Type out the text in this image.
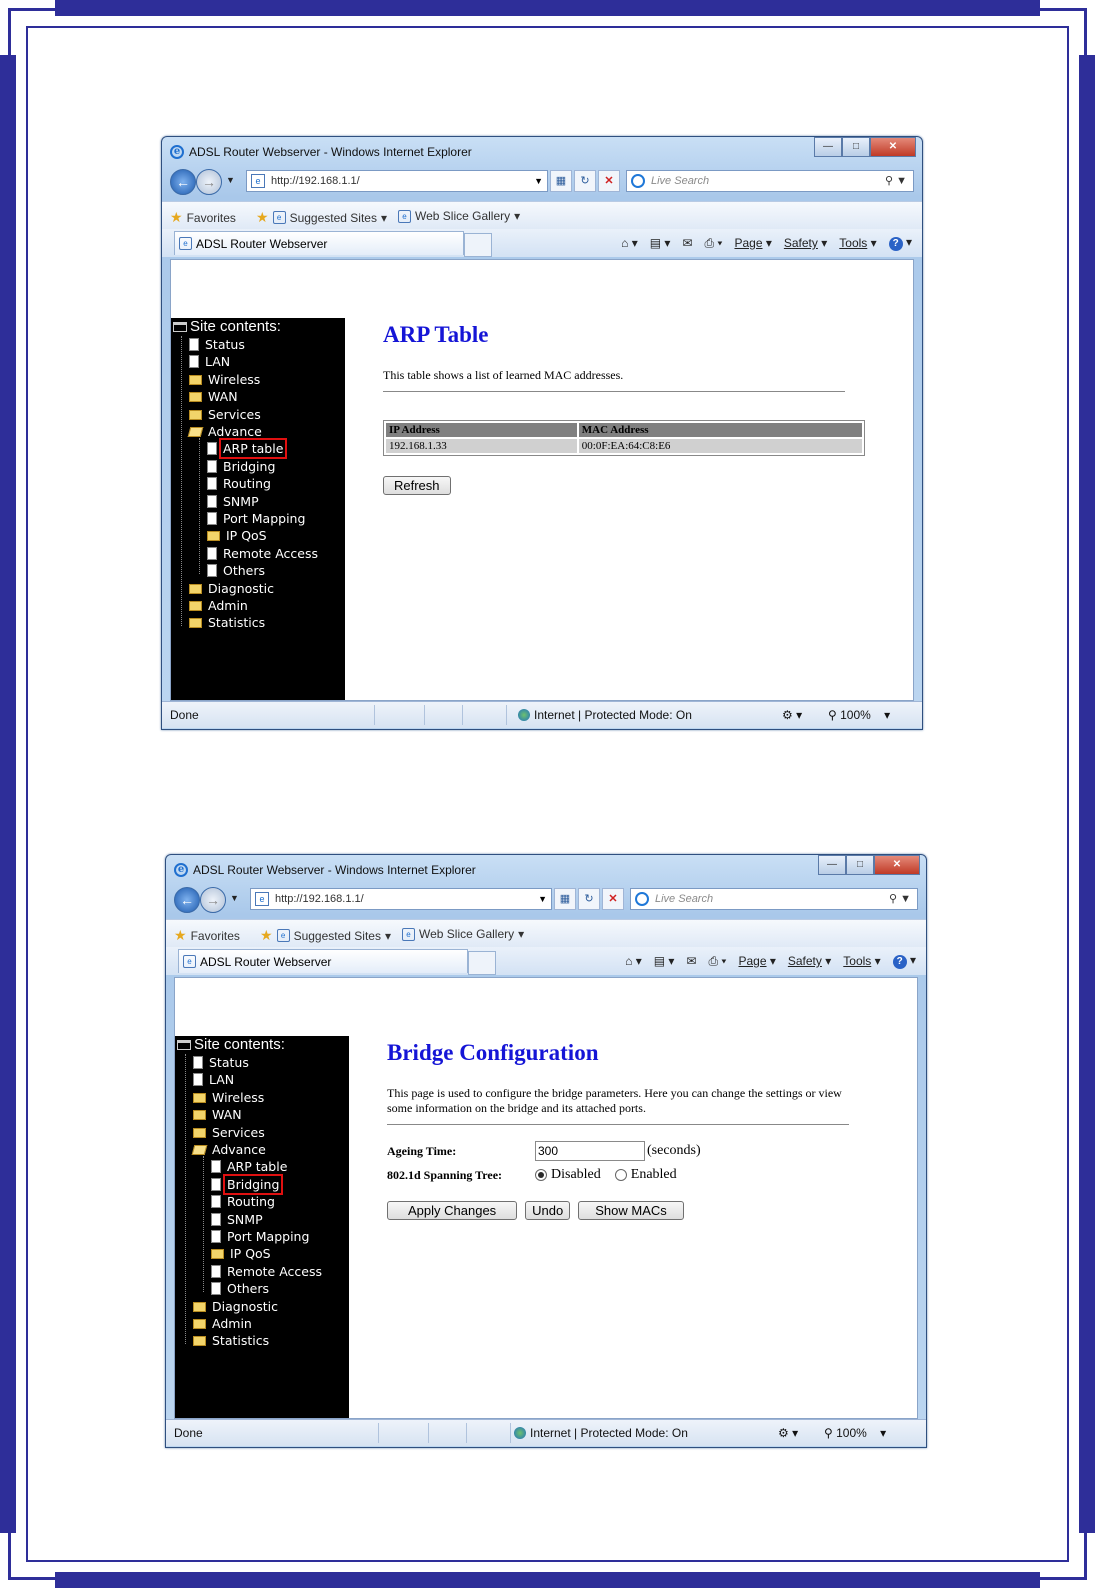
e ADSL Router Webserver - Windows Internet Explorer	—	□	✕
← →	▼	e http://192.168.1.1/	▼	▦	↻	✕	Live Search	⚲ ▼
★ Favorites ★	e Suggested Sites ▾	e Web Slice Gallery ▾
e ADSL Router Webserver	⌂ ▾ ▤ ▾ ✉ ⎙ ▾ Page ▾ Safety ▾ Tools ▾	? ▾
Site contents:
Status
LAN
Wireless
WAN
Services
Advance
ARP table
Bridging
Routing
SNMP
Port Mapping
IP QoS
Remote Access
Others
Diagnostic
Admin
Statistics
ARP Table
This table shows a list of learned MAC addresses.
IP Address	MAC Address
192.168.1.33	00:0F:EA:64:C8:E6
Refresh
Done	Internet | Protected Mode: On	⚙ ▾ ⚲ 100%    ▾
e ADSL Router Webserver - Windows Internet Explorer	—	□	✕
← →	▼	e http://192.168.1.1/	▼	▦	↻	✕	Live Search	⚲ ▼
★ Favorites ★	e Suggested Sites ▾	e Web Slice Gallery ▾
e ADSL Router Webserver	⌂ ▾ ▤ ▾ ✉ ⎙ ▾ Page ▾ Safety ▾ Tools ▾	? ▾
Site contents:
Status
LAN
Wireless
WAN
Services
Advance
ARP table
Bridging
Routing
SNMP
Port Mapping
IP QoS
Remote Access
Others
Diagnostic
Admin
Statistics
Bridge Configuration
This page is used to configure the bridge parameters. Here you can change the settings or view some information on the bridge and its attached ports.
Ageing Time:
300	(seconds)
802.1d Spanning Tree:	Disabled Enabled
Apply Changes	Undo	Show MACs
Done	Internet | Protected Mode: On	⚙ ▾ ⚲ 100%    ▾
